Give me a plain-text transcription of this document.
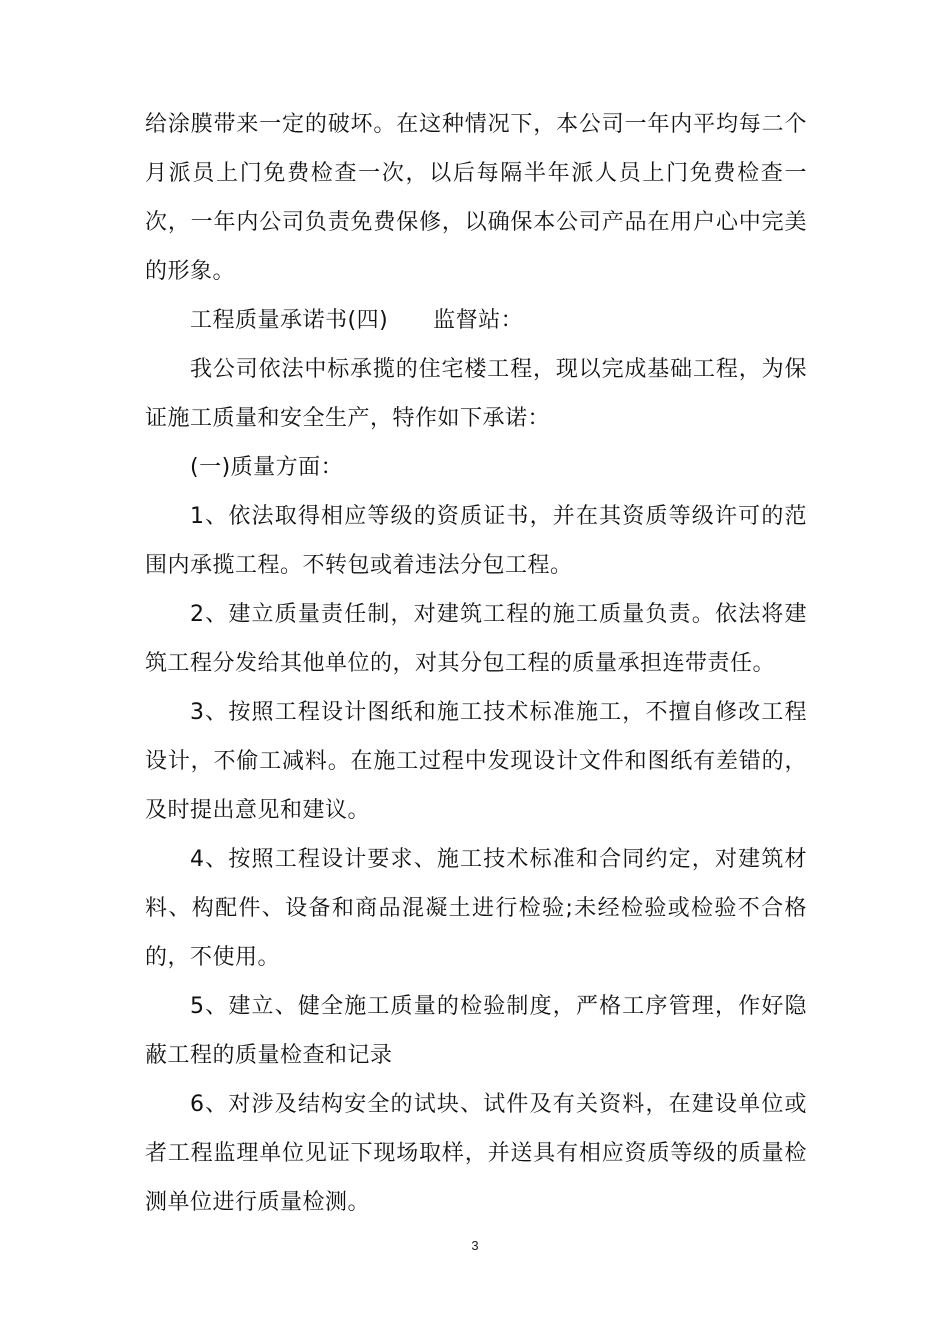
给涂膜带来一定的破坏。在这种情况下，本公司一年内平均每二个月派员上门免费检查一次，以后每隔半年派人员上门免费检查一次，一年内公司负责免费保修，以确保本公司产品在用户心中完美的形象。

工程质量承诺书(四)　　监督站：

我公司依法中标承揽的住宅楼工程，现以完成基础工程，为保证施工质量和安全生产，特作如下承诺：

(一)质量方面：

1、依法取得相应等级的资质证书，并在其资质等级许可的范围内承揽工程。不转包或着违法分包工程。

2、建立质量责任制，对建筑工程的施工质量负责。依法将建筑工程分发给其他单位的，对其分包工程的质量承担连带责任。

3、按照工程设计图纸和施工技术标准施工，不擅自修改工程设计，不偷工减料。在施工过程中发现设计文件和图纸有差错的，及时提出意见和建议。

4、按照工程设计要求、施工技术标准和合同约定，对建筑材料、构配件、设备和商品混凝土进行检验;未经检验或检验不合格的，不使用。

5、建立、健全施工质量的检验制度，严格工序管理，作好隐蔽工程的质量检查和记录

6、对涉及结构安全的试块、试件及有关资料，在建设单位或者工程监理单位见证下现场取样，并送具有相应资质等级的质量检测单位进行质量检测。

3
